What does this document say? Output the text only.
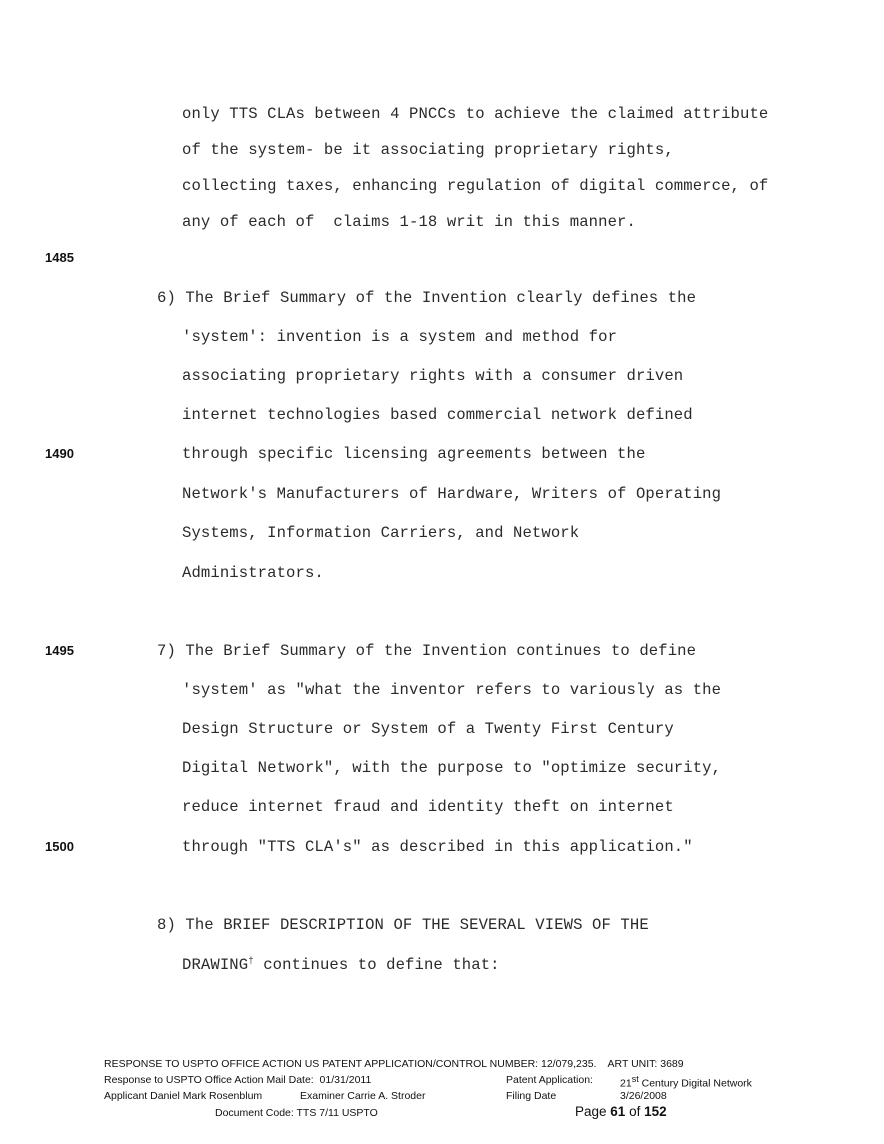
only TTS CLAs between 4 PNCCs to achieve the claimed attribute
of the system- be it associating proprietary rights,
collecting taxes, enhancing regulation of digital commerce, of
any of each of  claims 1-18 writ in this manner.
1485
6) The Brief Summary of the Invention clearly defines the
'system': invention is a system and method for
associating proprietary rights with a consumer driven
internet technologies based commercial network defined
1490	through specific licensing agreements between the
Network's Manufacturers of Hardware, Writers of Operating
Systems, Information Carriers, and Network
Administrators.
1495	7) The Brief Summary of the Invention continues to define
'system' as "what the inventor refers to variously as the
Design Structure or System of a Twenty First Century
Digital Network", with the purpose to "optimize security,
reduce internet fraud and identity theft on internet
1500	through "TTS CLA's" as described in this application."
8) The BRIEF DESCRIPTION OF THE SEVERAL VIEWS OF THE
DRAWING† continues to define that:
RESPONSE TO USPTO OFFICE ACTION US PATENT APPLICATION/CONTROL NUMBER: 12/079,235.    ART UNIT: 3689
Response to USPTO Office Action Mail Date:  01/31/2011	Patent Application:	21st Century Digital Network
Applicant Daniel Mark Rosenblum	Examiner Carrie A. Stroder	Filing Date	3/26/2008
Document Code: TTS 7/11 USPTO	Page 61 of 152
